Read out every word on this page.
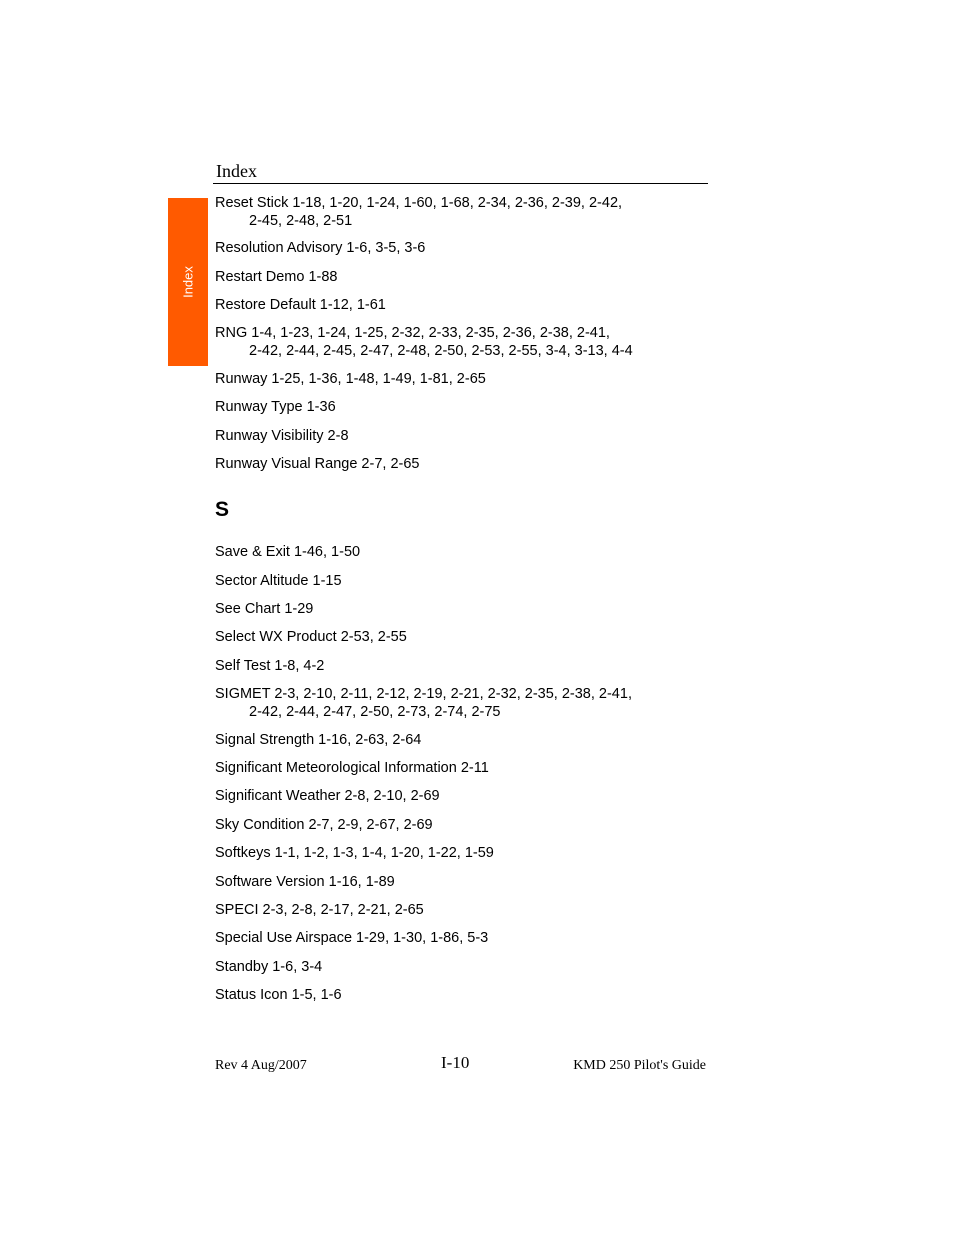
Index
Index
Reset Stick 1-18, 1-20, 1-24, 1-60, 1-68, 2-34, 2-36, 2-39, 2-42,
2-45, 2-48, 2-51
Resolution Advisory 1-6, 3-5, 3-6
Restart Demo 1-88
Restore Default 1-12, 1-61
RNG 1-4, 1-23, 1-24, 1-25, 2-32, 2-33, 2-35, 2-36, 2-38, 2-41,
2-42, 2-44, 2-45, 2-47, 2-48, 2-50, 2-53, 2-55, 3-4, 3-13, 4-4
Runway 1-25, 1-36, 1-48, 1-49, 1-81, 2-65
Runway Type 1-36
Runway Visibility 2-8
Runway Visual Range 2-7, 2-65
Save & Exit 1-46, 1-50
Sector Altitude 1-15
See Chart 1-29
Select WX Product 2-53, 2-55
Self Test 1-8, 4-2
SIGMET 2-3, 2-10, 2-11, 2-12, 2-19, 2-21, 2-32, 2-35, 2-38, 2-41,
2-42, 2-44, 2-47, 2-50, 2-73, 2-74, 2-75
Signal Strength 1-16, 2-63, 2-64
Significant Meteorological Information 2-11
Significant Weather 2-8, 2-10, 2-69
Sky Condition 2-7, 2-9, 2-67, 2-69
Softkeys 1-1, 1-2, 1-3, 1-4, 1-20, 1-22, 1-59
Software Version 1-16, 1-89
SPECI 2-3, 2-8, 2-17, 2-21, 2-65
Special Use Airspace 1-29, 1-30, 1-86, 5-3
Standby 1-6, 3-4
Status Icon 1-5, 1-6
S
Rev 4 Aug/2007	I-10	KMD 250 Pilot's Guide
